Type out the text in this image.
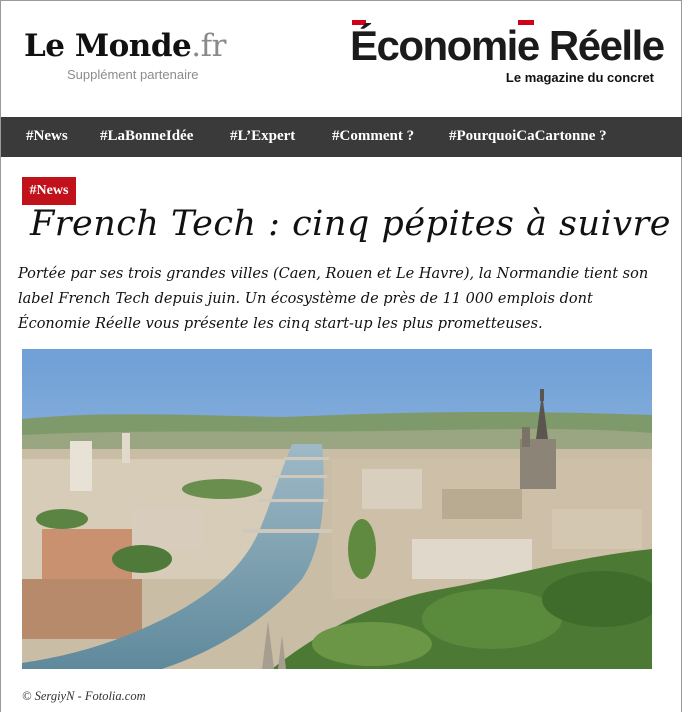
Le Monde.fr
Supplément partenaire
Économie Réelle
Le magazine du concret
#News #LaBonneIdée #L’Expert #Comment ? #PourquoiCaCartonne ?
#News
French Tech : cinq pépites à suivre
Portée par ses trois grandes villes (Caen, Rouen et Le Havre), la Normandie tient son label French Tech depuis juin. Un écosystème de près de 11 000 emplois dont Économie Réelle vous présente les cinq start-up les plus prometteuses.
© SergiyN - Fotolia.com
